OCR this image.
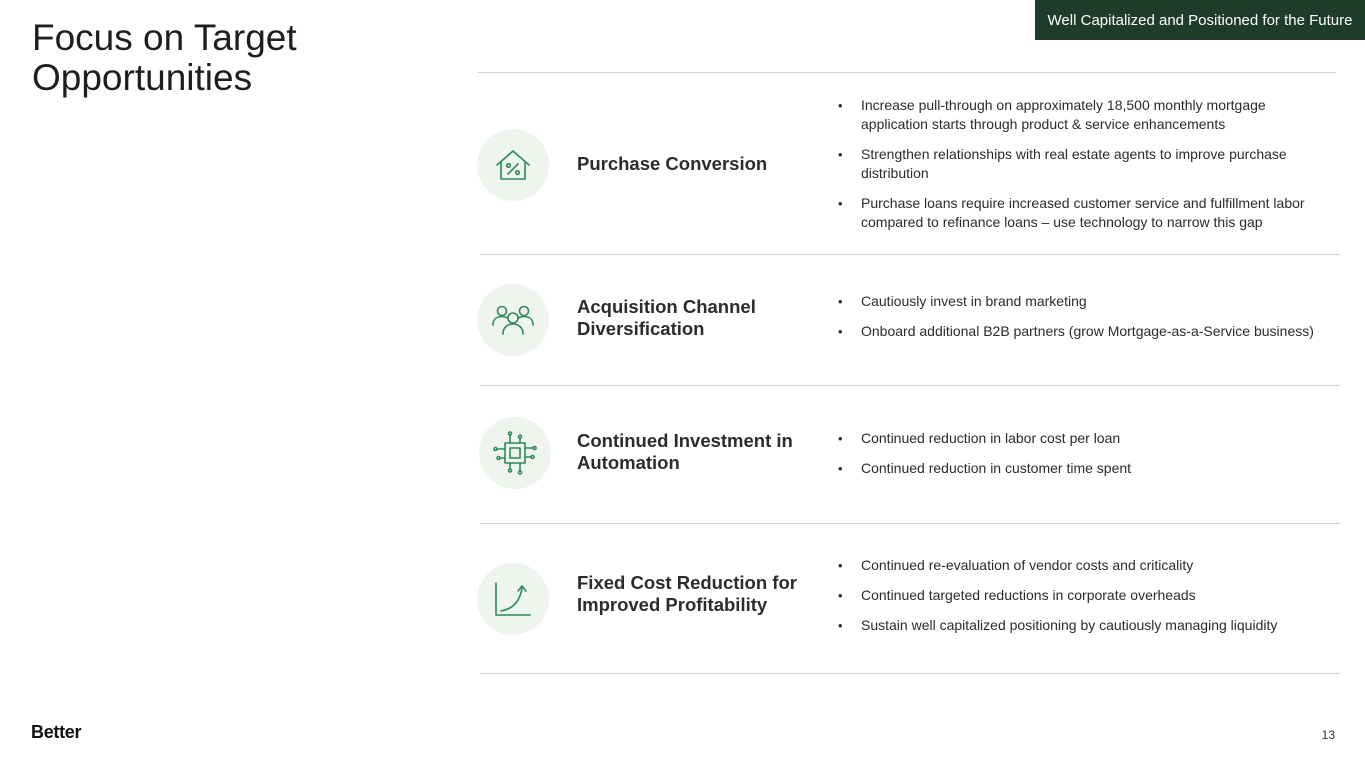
Focus on Target Opportunities
Well Capitalized and Positioned for the Future
Purchase Conversion
• Increase pull-through on approximately 18,500 monthly mortgage application starts through product & service enhancements
• Strengthen relationships with real estate agents to improve purchase distribution
• Purchase loans require increased customer service and fulfillment labor compared to refinance loans – use technology to narrow this gap
Acquisition Channel Diversification
• Cautiously invest in brand marketing
• Onboard additional B2B partners (grow Mortgage-as-a-Service business)
Continued Investment in Automation
• Continued reduction in labor cost per loan
• Continued reduction in customer time spent
Fixed Cost Reduction for Improved Profitability
• Continued re-evaluation of vendor costs and criticality
• Continued targeted reductions in corporate overheads
• Sustain well capitalized positioning by cautiously managing liquidity
Better	13
